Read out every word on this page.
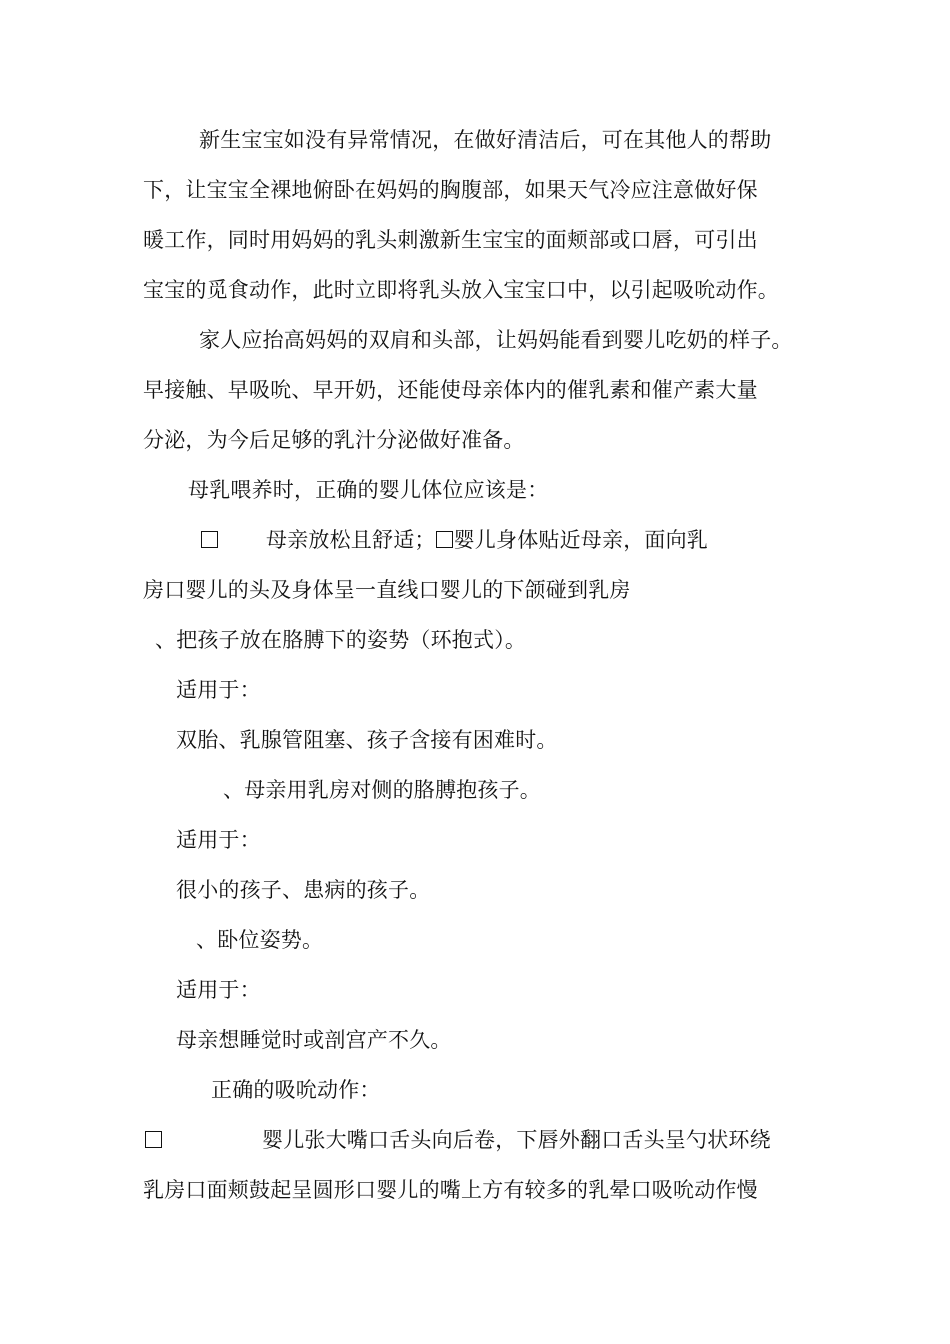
新生宝宝如没有异常情况，在做好清洁后，可在其他人的帮助
下，让宝宝全裸地俯卧在妈妈的胸腹部，如果天气冷应注意做好保
暖工作，同时用妈妈的乳头刺激新生宝宝的面颊部或口唇，可引出
宝宝的觅食动作，此时立即将乳头放入宝宝口中，以引起吸吮动作。
家人应抬高妈妈的双肩和头部，让妈妈能看到婴儿吃奶的样子。
早接触、早吸吮、早开奶，还能使母亲体内的催乳素和催产素大量
分泌，为今后足够的乳汁分泌做好准备。
母乳喂养时，正确的婴儿体位应该是：
母亲放松且舒适； 婴儿身体贴近母亲，面向乳
房口婴儿的头及身体呈一直线口婴儿的下颌碰到乳房
、把孩子放在胳膊下的姿势（环抱式）。
适用于：
双胎、乳腺管阻塞、孩子含接有困难时。
、母亲用乳房对侧的胳膊抱孩子。
适用于：
很小的孩子、患病的孩子。
、卧位姿势。
适用于：
母亲想睡觉时或剖宫产不久。
正确的吸吮动作：
婴儿张大嘴口舌头向后卷，下唇外翻口舌头呈勺状环绕
乳房口面颊鼓起呈圆形口婴儿的嘴上方有较多的乳晕口吸吮动作慢
